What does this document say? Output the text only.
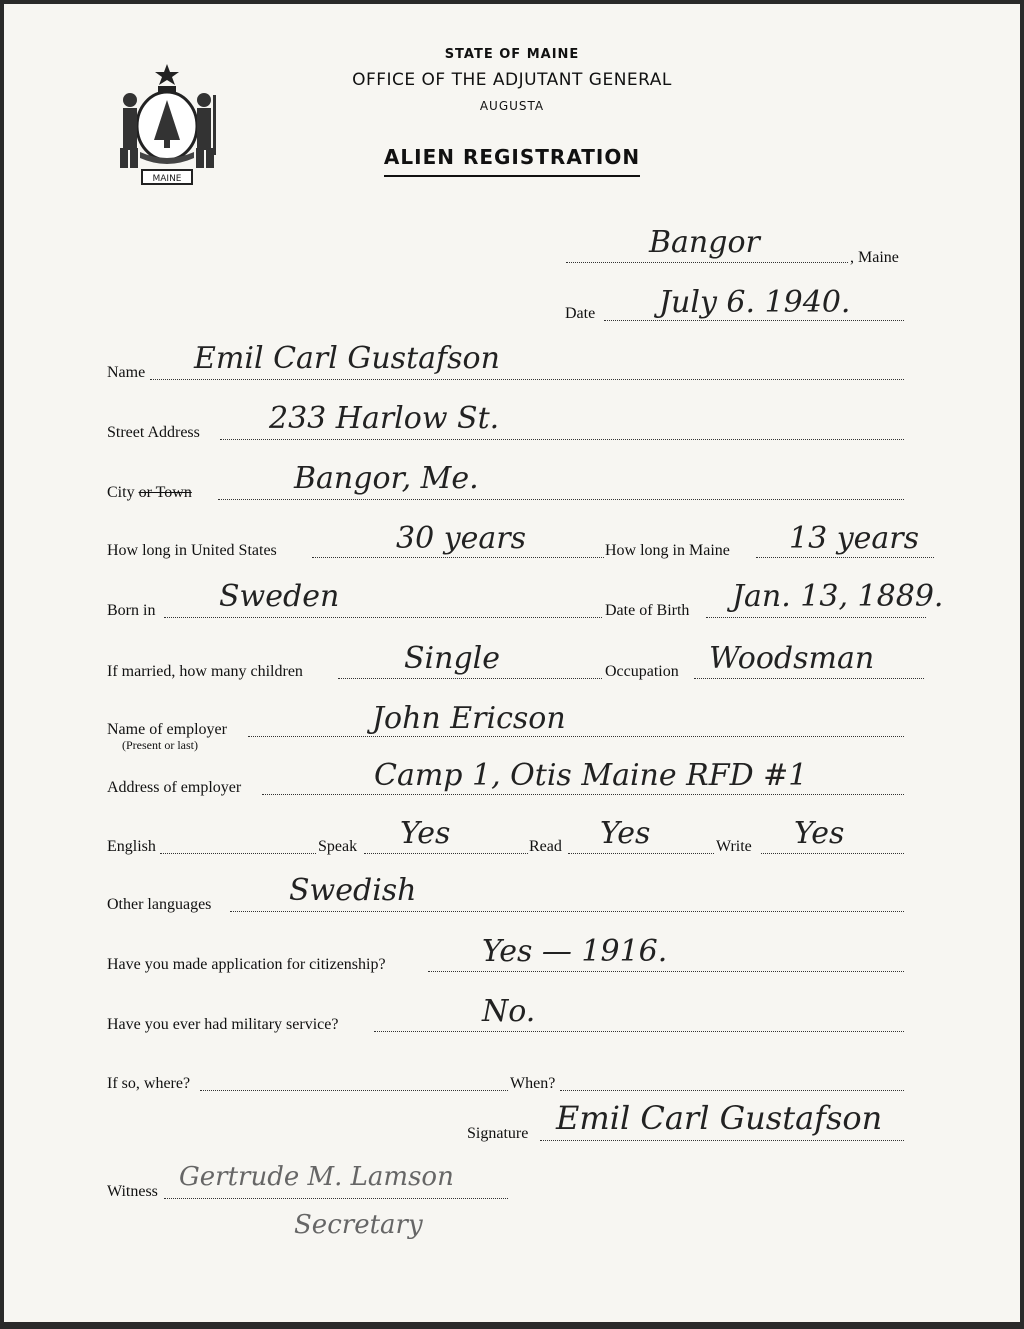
MAINE
STATE OF MAINE
OFFICE OF THE ADJUTANT GENERAL
AUGUSTA
ALIEN REGISTRATION
Bangor	, Maine
Date July 6. 1940.
Name Emil Carl Gustafson
Street Address 233 Harlow St.
City or Town	Bangor, Me.
How long in United States	30 years	How long in Maine 13 years
Born in Sweden	Date of Birth Jan. 13, 1889.
If married, how many children	Single	Occupation Woodsman
Name of employer
(Present or last)
John Ericson
Address of employer	Camp 1, Otis Maine RFD #1
English	Speak Yes	Read Yes	Write Yes
Other languages	Swedish
Have you made application for citizenship?	Yes — 1916.
Have you ever had military service?	No.
If so, where?	When?
Signature Emil Carl Gustafson
Witness Gertrude M. Lamson
Secretary
